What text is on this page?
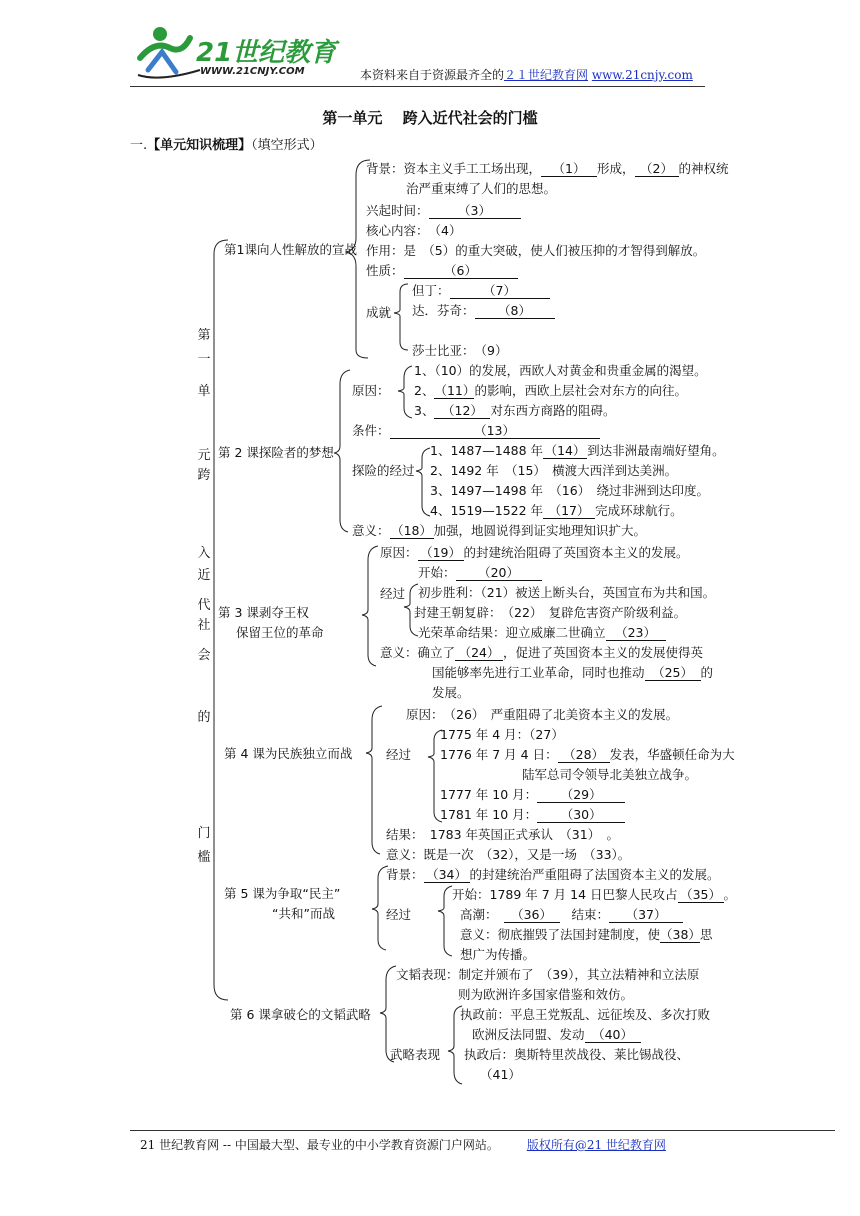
21世纪教育
WWW.21CNJY.COM	本资料来自于资源最齐全的２１世纪教育网 www.21cnjy.com
第一单元　 跨入近代社会的门槛
一.【单元知识梳理】（填空形式）
第
一
单
元
跨
入
近
代
社
会
的
门
槛
第1课向人性解放的宣战
第 2 课探险者的梦想
第 3 课剥夺王权
保留王位的革命
第 4 课为民族独立而战
第 5 课为争取“民主”
“共和”而战
第 6 课拿破仑的文韬武略
背景：资本主义手工工场出现， （1） 形成， （2） 的神权统
治严重束缚了人们的思想。
兴起时间： （3）
核心内容：　（4）
作用：是　（5）的重大突破，使人们被压抑的才智得到解放。
性质：	（6）
成就
但丁：	（7）
达．芬奇： （8）
莎士比亚：　（9）
原因：
1、（10）的发展，西欧人对黄金和贵重金属的渴望。
2、（11）的影响，西欧上层社会对东方的向往。
3、 （12） 对东西方商路的阻碍。
条件：	（13）
探险的经过
1、1487—1488 年 （14） 到达非洲最南端好望角。
2、1492 年　（15）　横渡大西洋到达美洲。
3、1497—1498 年　（16）　绕过非洲到达印度。
4、1519—1522 年 （17） 完成环球航行。
意义： （18） 加强，地圆说得到证实地理知识扩大。
原因： （19） 的封建统治阻碍了英国资本主义的发展。
经过
开始： （20）
初步胜利：（21）被送上断头台，英国宣布为共和国。
封建王朝复辟：　（22）　复辟危害资产阶级利益。
光荣革命结果：迎立威廉二世确立 （23）
意义：确立了 （24） ，促进了英国资本主义的发展使得英
国能够率先进行工业革命，同时也推动 （25） 的
发展。
原因：　（26）　严重阻碍了北美资本主义的发展。
经过
1775 年 4 月：（27）
1776 年 7 月 4 日： （28） 发表，华盛顿任命为大
陆军总司令领导北美独立战争。
1777 年 10 月： （29）
1781 年 10 月： （30）
结果：　1783 年英国正式承认　（31）　。
意义：既是一次　（32），又是一场　（33）。
背景： （34） 的封建统治严重阻碍了法国资本主义的发展。
经过
开始：1789 年 7 月 14 日巴黎人民攻占 （35） 。
高潮： （36） 结束： （37）
意义：彻底摧毁了法国封建制度，使（38）思
想广为传播。
文韬表现：制定并颁布了　（39），其立法精神和立法原
则为欧洲许多国家借鉴和效仿。
武略表现
执政前：平息王党叛乱、远征埃及、多次打败
欧洲反法同盟、发动 （40）
执政后：奥斯特里茨战役、莱比锡战役、
（41）
21 世纪教育网 -- 中国最大型、最专业的中小学教育资源门户网站。 版权所有@21 世纪教育网
